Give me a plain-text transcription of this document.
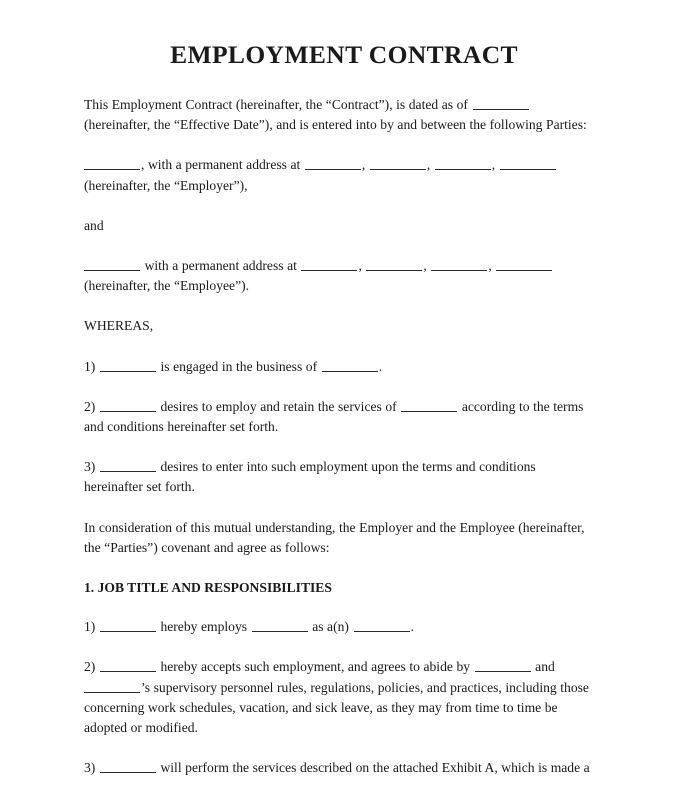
EMPLOYMENT CONTRACT

This Employment Contract (hereinafter, the “Contract”), is dated as of  (hereinafter, the “Effective Date”), and is entered into by and between the following Parties:

, with a permanent address at	,	,	,
(hereinafter, the “Employer”),

and

with a permanent address at	,	,	,
(hereinafter, the “Employee”).

WHEREAS,

1)	is engaged in the business of	.

2)	desires to employ and retain the services of	according to the terms and conditions hereinafter set forth.

3)	desires to enter into such employment upon the terms and conditions hereinafter set forth.

In consideration of this mutual understanding, the Employer and the Employee (hereinafter, the “Parties”) covenant and agree as follows:

1. JOB TITLE AND RESPONSIBILITIES

1)	hereby employs	as a(n)	.

2)	hereby accepts such employment, and agrees to abide by	and
’s supervisory personnel rules, regulations, policies, and practices, including those concerning work schedules, vacation, and sick leave, as they may from time to time be adopted or modified.

3)	will perform the services described on the attached Exhibit A, which is made a
